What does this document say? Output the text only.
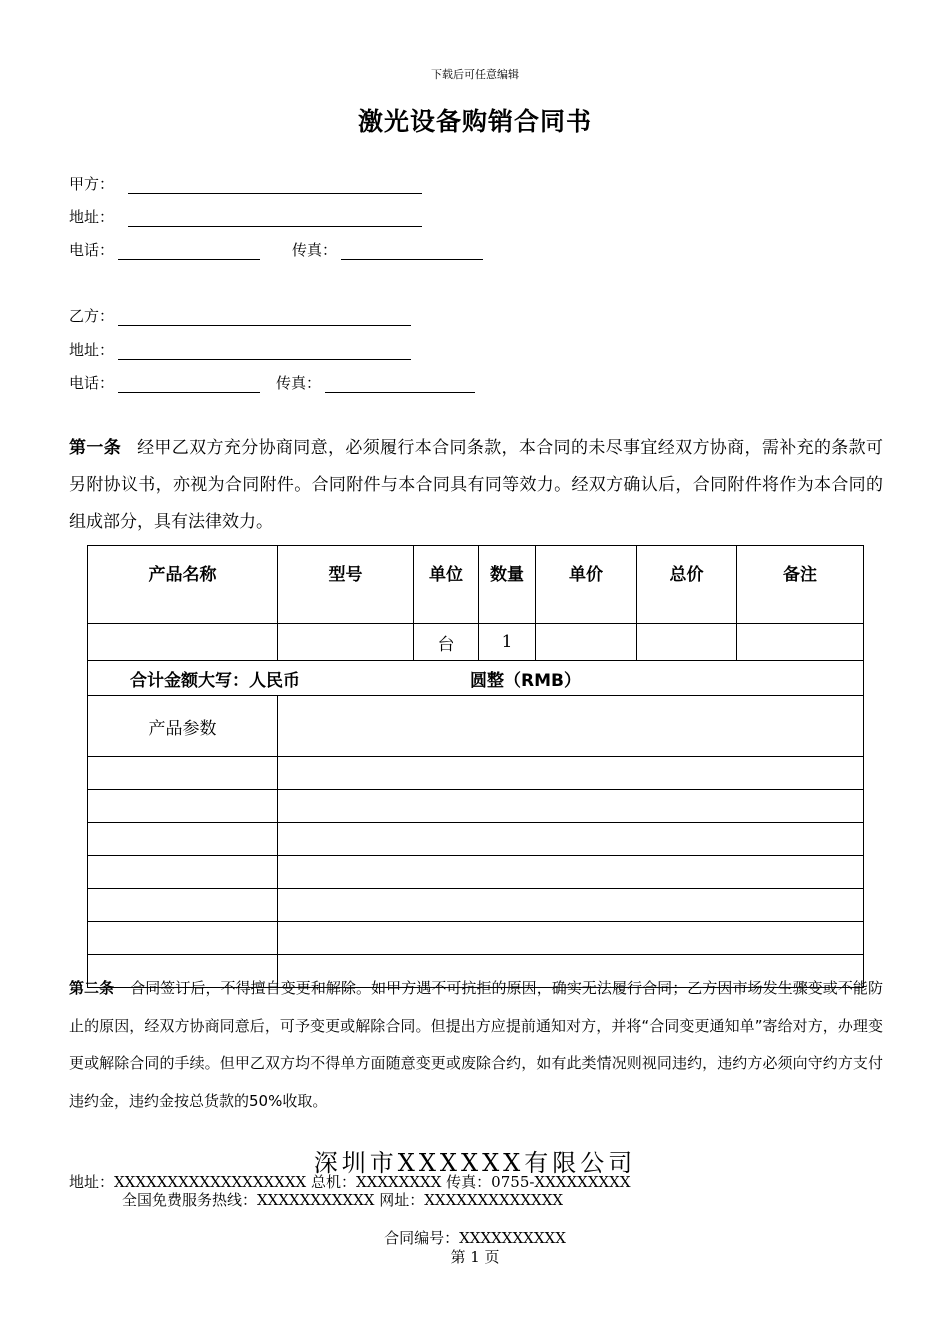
下载后可任意编辑
激光设备购销合同书
甲方：
地址：
电话：	传真：
乙方：
地址：
电话：	传真：
第一条 经甲乙双方充分协商同意，必须履行本合同条款，本合同的未尽事宜经双方协商，需补充的条款可另附协议书，亦视为合同附件。合同附件与本合同具有同等效力。经双方确认后，合同附件将作为本合同的组成部分，具有法律效力。
产品名称	型号	单位	数量	单价	总价	备注
		台	1			
合计金额大写：人民币 圆整（RMB）						
产品参数						

第二条 合同签订后，不得擅自变更和解除。如甲方遇不可抗拒的原因，确实无法履行合同；乙方因市场发生骤变或不能防止的原因，经双方协商同意后，可予变更或解除合同。但提出方应提前通知对方，并将“合同变更通知单”寄给对方，办理变更或解除合同的手续。但甲乙双方均不得单方面随意变更或废除合约，如有此类情况则视同违约，违约方必须向守约方支付违约金，违约金按总货款的50%收取。
深圳市XXXXXX有限公司
地址：XXXXXXXXXXXXXXXXXX 总机：XXXXXXXX 传真：0755-XXXXXXXXX
全国免费服务热线：XXXXXXXXXXX 网址：XXXXXXXXXXXXX
合同编号：XXXXXXXXXX
第 1 页
